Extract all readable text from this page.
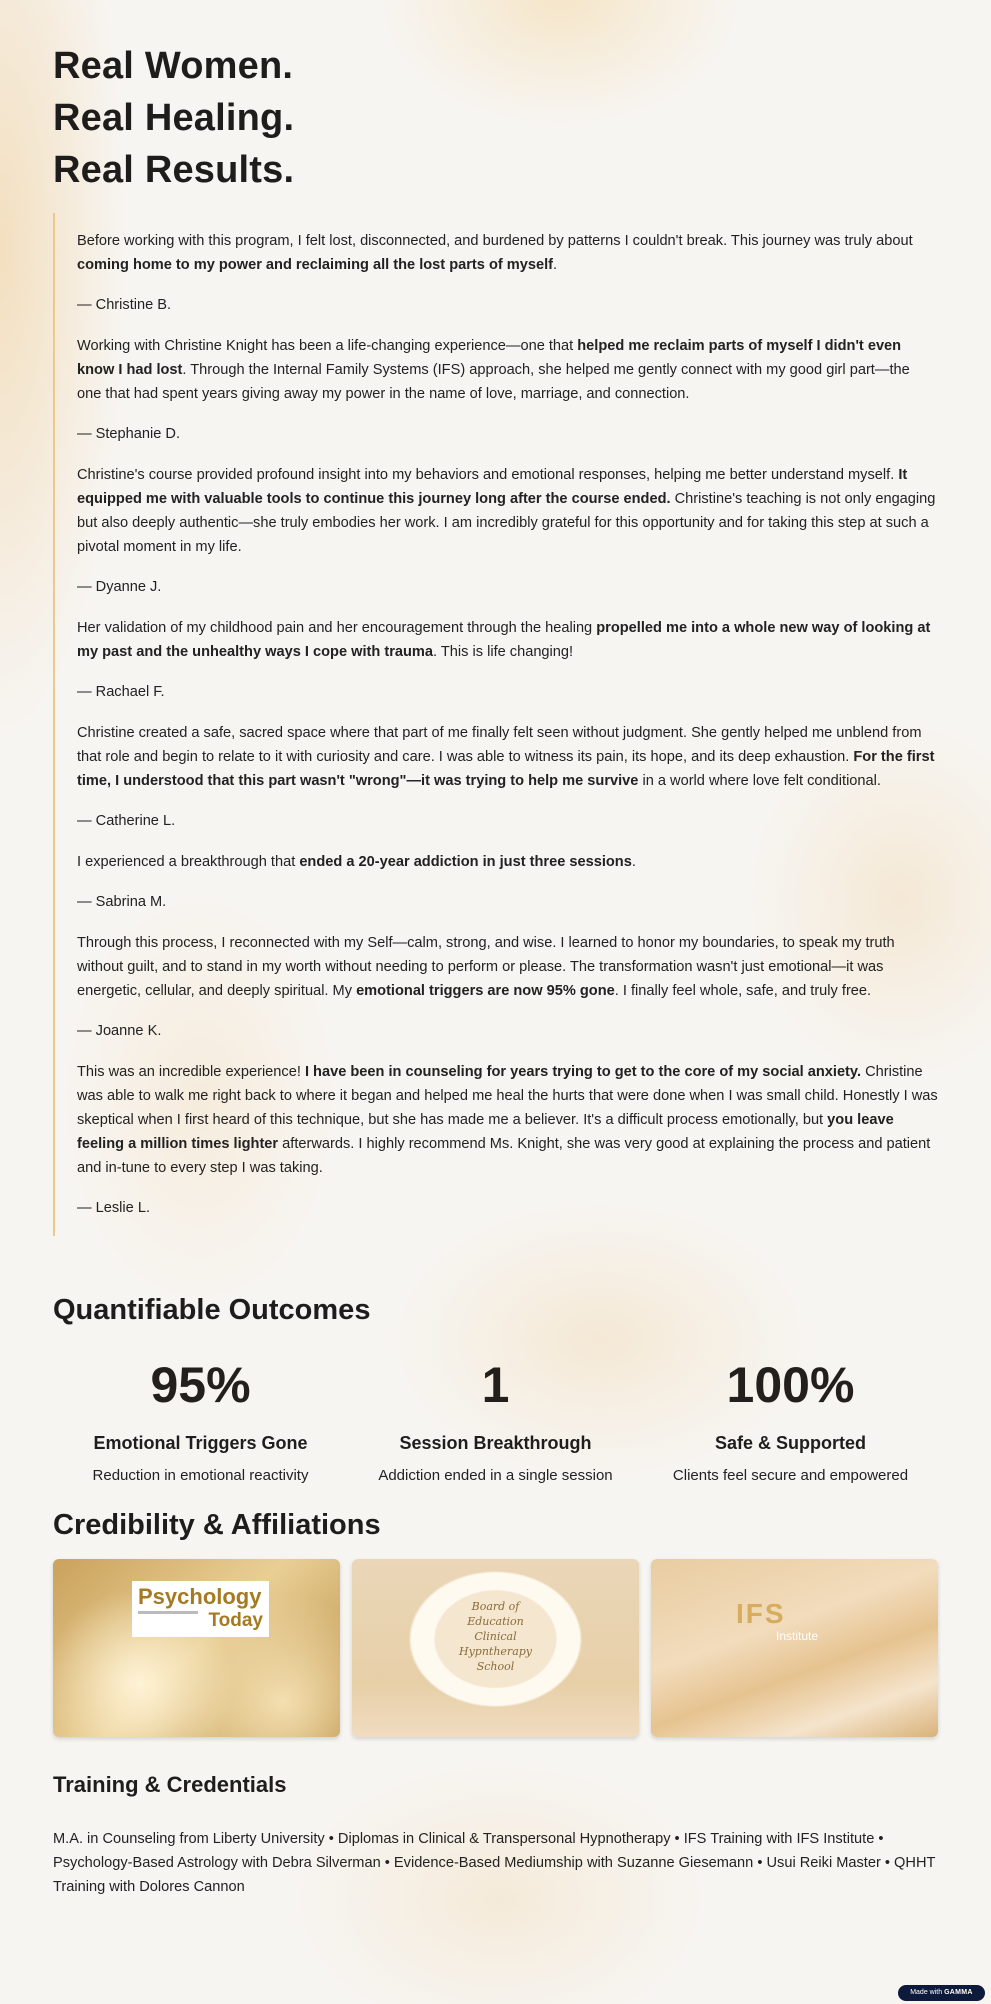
Real Women.
Real Healing.
Real Results.

Before working with this program, I felt lost, disconnected, and burdened by patterns I couldn't break. This journey was truly about coming home to my power and reclaiming all the lost parts of myself.

— Christine B.

Working with Christine Knight has been a life-changing experience—one that helped me reclaim parts of myself I didn't even know I had lost. Through the Internal Family Systems (IFS) approach, she helped me gently connect with my good girl part—the one that had spent years giving away my power in the name of love, marriage, and connection.

— Stephanie D.

Christine's course provided profound insight into my behaviors and emotional responses, helping me better understand myself. It equipped me with valuable tools to continue this journey long after the course ended. Christine's teaching is not only engaging but also deeply authentic—she truly embodies her work. I am incredibly grateful for this opportunity and for taking this step at such a pivotal moment in my life.

— Dyanne J.

Her validation of my childhood pain and her encouragement through the healing propelled me into a whole new way of looking at my past and the unhealthy ways I cope with trauma. This is life changing!

— Rachael F.

Christine created a safe, sacred space where that part of me finally felt seen without judgment. She gently helped me unblend from that role and begin to relate to it with curiosity and care. I was able to witness its pain, its hope, and its deep exhaustion. For the first time, I understood that this part wasn't "wrong"—it was trying to help me survive in a world where love felt conditional.

— Catherine L.

I experienced a breakthrough that ended a 20-year addiction in just three sessions.

— Sabrina M.

Through this process, I reconnected with my Self—calm, strong, and wise. I learned to honor my boundaries, to speak my truth without guilt, and to stand in my worth without needing to perform or please. The transformation wasn't just emotional—it was energetic, cellular, and deeply spiritual. My emotional triggers are now 95% gone. I finally feel whole, safe, and truly free.

— Joanne K.

This was an incredible experience! I have been in counseling for years trying to get to the core of my social anxiety. Christine was able to walk me right back to where it began and helped me heal the hurts that were done when I was small child. Honestly I was skeptical when I first heard of this technique, but she has made me a believer. It's a difficult process emotionally, but you leave feeling a million times lighter afterwards. I highly recommend Ms. Knight, she was very good at explaining the process and patient and in-tune to every step I was taking.

— Leslie L.

Quantifiable Outcomes
95%
Emotional Triggers Gone
Reduction in emotional reactivity
1
Session Breakthrough
Addiction ended in a single session
100%
Safe & Supported
Clients feel secure and empowered
Credibility & Affiliations
Psychology
Today
Board of
Education
Clinical
Hypntherapy
School
IFS
Institute
Training & Credentials

M.A. in Counseling from Liberty University • Diplomas in Clinical & Transpersonal Hypnotherapy • IFS Training with IFS Institute • Psychology-Based Astrology with Debra Silverman • Evidence-Based Mediumship with Suzanne Giesemann • Usui Reiki Master • QHHT Training with Dolores Cannon

Made with GAMMA
